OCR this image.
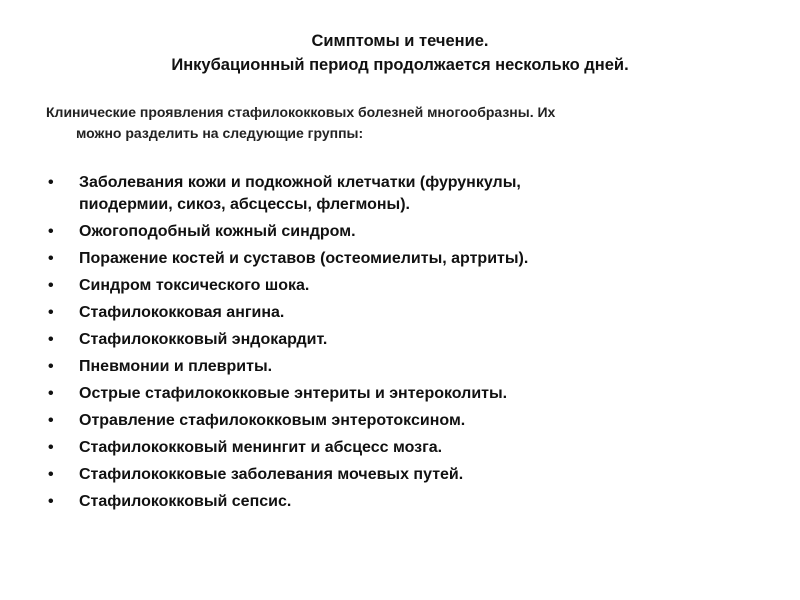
Симптомы и течение.
Инкубационный период продолжается несколько дней.
Клинические проявления стафилококковых болезней многообразны. Их
можно разделить на следующие группы:
•	Заболевания кожи и подкожной клетчатки (фурункулы,
пиодермии, сикоз, абсцессы, флегмоны).
•	Ожогоподобный кожный синдром.
•	Поражение костей и суставов (остеомиелиты, артриты).
•	Синдром токсического шока.
•	Стафилококковая ангина.
•	Стафилококковый эндокардит.
•	Пневмонии и плевриты.
•	Острые стафилококковые энтериты и энтероколиты.
•	Отравление стафилококковым энтеротоксином.
•	Стафилококковый менингит и абсцесс мозга.
•	Стафилококковые заболевания мочевых путей.
•	Стафилококковый сепсис.
